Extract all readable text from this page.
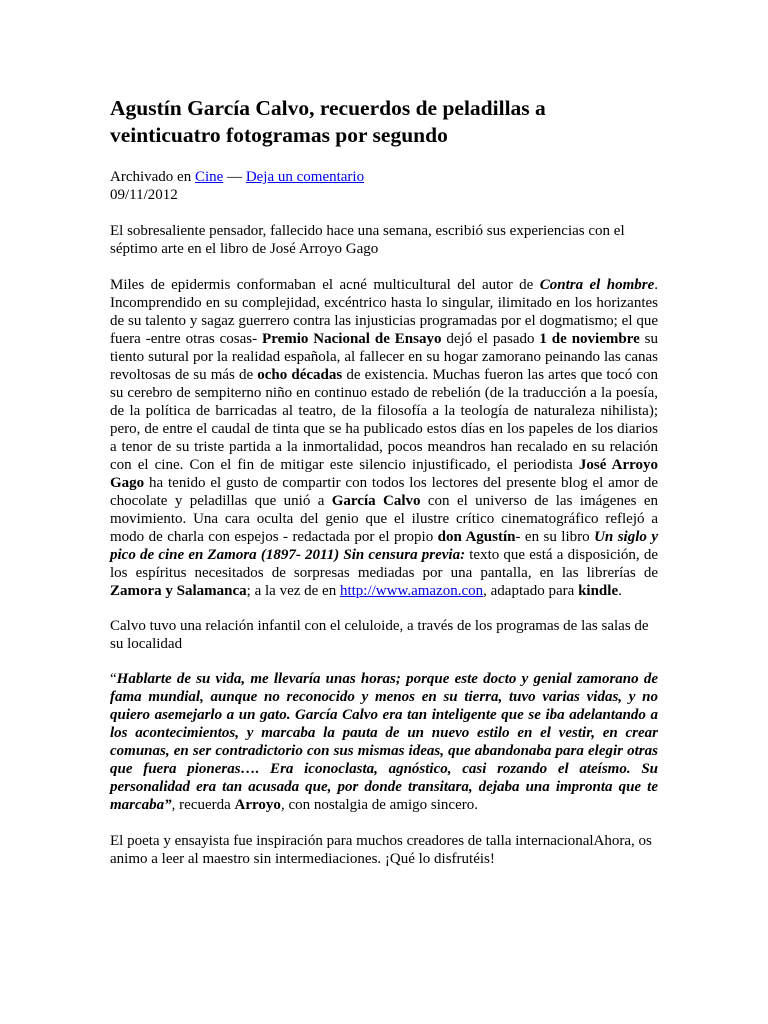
Agustín García Calvo, recuerdos de peladillas a veinticuatro fotogramas por segundo
Archivado en Cine — Deja un comentario
09/11/2012

El sobresaliente pensador, fallecido hace una semana, escribió sus experiencias con el séptimo arte en el libro de José Arroyo Gago

Miles de epidermis conformaban el acné multicultural del autor de Contra el hombre. Incomprendido en su complejidad, excéntrico hasta lo singular, ilimitado en los horizantes de su talento y sagaz guerrero contra las injusticias programadas por el dogmatismo; el que fuera -entre otras cosas- Premio Nacional de Ensayo dejó el pasado 1 de noviembre su tiento sutural por la realidad española, al fallecer en su hogar zamorano peinando las canas revoltosas de su más de ocho décadas de existencia. Muchas fueron las artes que tocó con su cerebro de sempiterno niño en continuo estado de rebelión (de la traducción a la poesía, de la política de barricadas al teatro, de la filosofía a la teología de naturaleza nihilista); pero, de entre el caudal de tinta que se ha publicado estos días en los papeles de los diarios a tenor de su triste partida a la inmortalidad, pocos meandros han recalado en su relación con el cine. Con el fin de mitigar este silencio injustificado, el periodista José Arroyo Gago ha tenido el gusto de compartir con todos los lectores del presente blog el amor de chocolate y peladillas que unió a García Calvo con el universo de las imágenes en movimiento. Una cara oculta del genio que el ilustre crítico cinematográfico reflejó a modo de charla con espejos - redactada por el propio don Agustín- en su libro Un siglo y pico de cine en Zamora (1897- 2011) Sin censura previa: texto que está a disposición, de los espíritus necesitados de sorpresas mediadas por una pantalla, en las librerías de Zamora y Salamanca; a la vez de en http://www.amazon.con, adaptado para kindle.

Calvo tuvo una relación infantil con el celuloide, a través de los programas de las salas de su localidad

“Hablarte de su vida, me llevaría unas horas; porque este docto y genial zamorano de fama mundial, aunque no reconocido y menos en su tierra, tuvo varias vidas, y no quiero asemejarlo a un gato. García Calvo era tan inteligente que se iba adelantando a los acontecimientos, y marcaba la pauta de un nuevo estilo en el vestir, en crear comunas, en ser contradictorio con sus mismas ideas, que abandonaba para elegir otras que fuera pioneras…. Era iconoclasta, agnóstico, casi rozando el ateísmo. Su personalidad era tan acusada que, por donde transitara, dejaba una impronta que te marcaba”, recuerda Arroyo, con nostalgia de amigo sincero.

El poeta y ensayista fue inspiración para muchos creadores de talla internacionalAhora, os animo a leer al maestro sin intermediaciones. ¡Qué lo disfrutéis!
